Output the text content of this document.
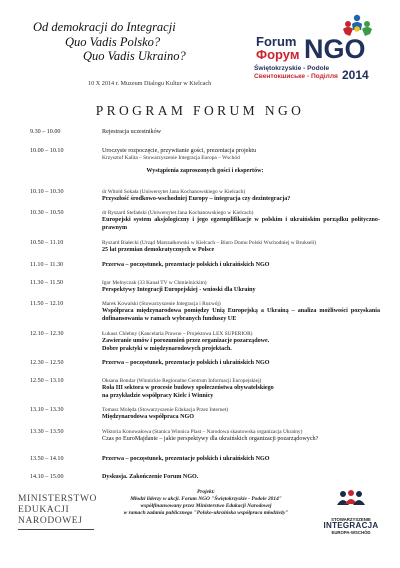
Od demokracji do Integracji
Quo Vadis Polsko?
Quo Vadis Ukraino?
10 X 2014 r. Muzeum Dialogu Kultur w Kielcach
Forum
Форум NGO
Świętokrzyskie - Podole
Свентокшиське - Поділля 2014
PROGRAM FORUM NGO
9.30 – 10.00	Rejestracja uczestników
10.00 – 10.10	Uroczyste rozpoczęcie, przywitanie gości, prezentacja projektu
Krzysztof Kalita – Stowarzyszenie Integracja Europa – Wschód
Wystąpienia zaproszonych gości i ekspertów:
10.10 – 10.30	dr Witold Sokała (Uniwersytet Jana Kochanowskiego w Kielcach)
Przyszłość środkowo-wschodniej Europy – integracja czy dezintegracja?
10.30 – 10.50	dr Ryszard Stefański (Uniwersytet Jana Kochanowskiego w Kielcach)
Europejski system aksjologiczny i jego egzemplifikacje w polskim i ukraińskim porządku polityczno-prawnym
10.50 – 11.10	Ryszard Białecki (Urząd Marszałkowski w Kielcach – Biuro Domu Polski Wschodniej w Brukseli)
25 lat przemian demokratycznych w Polsce
11.10 – 11.30	Przerwa – poczęstunek, prezentacje polskich i ukraińskich NGO
11.30 – 11.50	Igor Melnyczak (33 Kanał TV w Chmielnickim)
Perspektywy Integracji Europejskiej - wnioski dla Ukrainy
11.50 – 12.10	Marek Kowalski (Stowarzyszenie Integracja i Rozwój)
Współpraca międzynarodowa pomiędzy Unią Europejską a Ukrainą – analiza możliwości pozyskania dofinansowania w ramach wybranych funduszy UE
12.10 – 12.30	Łukasz Chlebny (Kancelaria Prawno – Projektowa LEX SUPERIOR)
Zawieranie umów i porozumień przez organizacje pozarządowe.
Dobre praktyki w międzynarodowych projektach.
12.30 – 12.50	Przerwa – poczęstunek, prezentacje polskich i ukraińskich NGO
12.50 – 13.10	Oksana Bondar (Winnickie Regionalne Centrum Informacji Europejskiej)
Rola III sektora w procesie budowy społeczeństwa obywatelskiego
na przykładzie współpracy Kielc i Winnicy
13.10 – 13.30	Tomasz Molęda (Stowarzyszenie Edukacja Przez Internet)
Międzynarodowa współpraca NGO
13.30 – 13.50	Wiktoria Konowałowa (Stanica Winnica Plast – Narodowa skautowska organizacja Ukrainy)
Czas po EuroMajdanie – jakie perspektywy dla ukraińskich organizacji pozarządowych?
13.50 – 14.10	Przerwa – poczęstunek, prezentacje polskich i ukraińskich NGO
14.10 – 15.00	Dyskusja. Zakończenie Forum NGO.
MINISTERSTWO
EDUKACJI
NARODOWEJ
Projekt:
Młodzi liderzy w akcji. Forum NGO "Świętokrzyskie - Podole 2014"
współfinansowany przez Ministerstwo Edukacji Narodowej
w ramach zadania publicznego "Polsko-ukraińska współpraca młodzieży"
STOWARZYSZENIE
INTEGRACJA
EUROPA-WSCHÓD
